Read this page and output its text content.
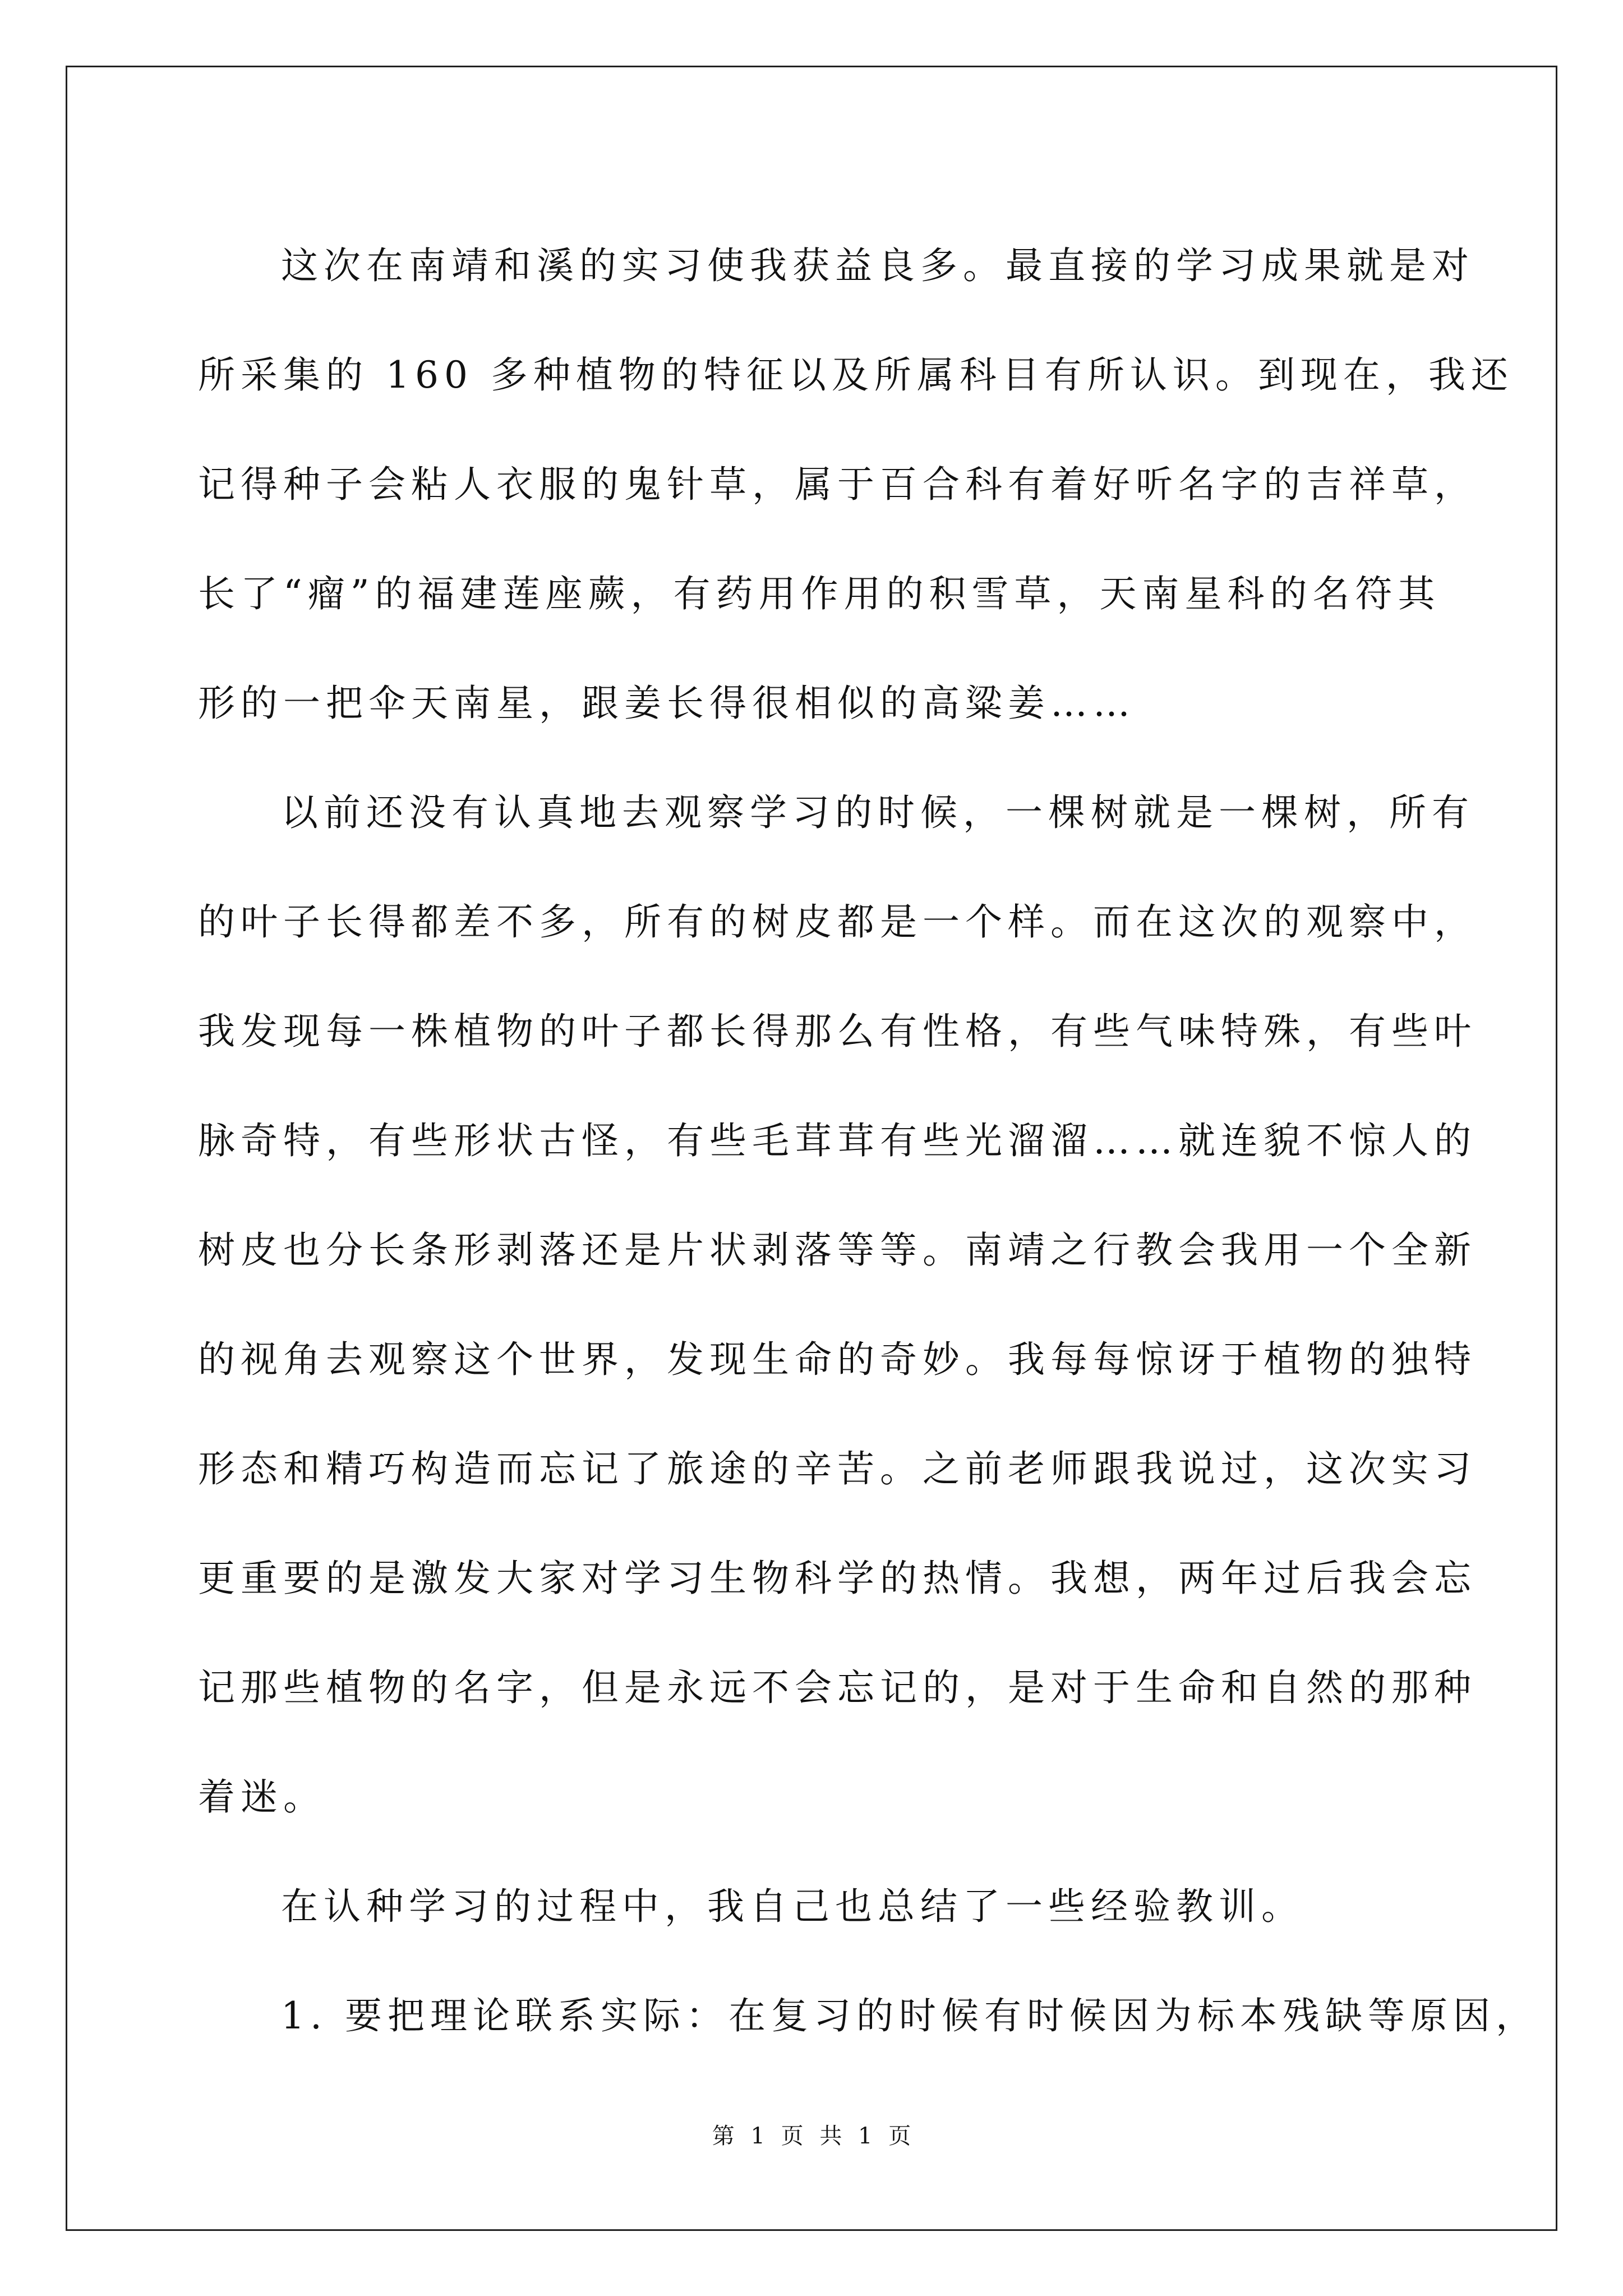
这次在南靖和溪的实习使我获益良多。最直接的学习成果就是对
所采集的 160 多种植物的特征以及所属科目有所认识。到现在，我还
记得种子会粘人衣服的鬼针草，属于百合科有着好听名字的吉祥草，
长了“瘤”的福建莲座蕨，有药用作用的积雪草，天南星科的名符其
形的一把伞天南星，跟姜长得很相似的高粱姜……
以前还没有认真地去观察学习的时候，一棵树就是一棵树，所有
的叶子长得都差不多，所有的树皮都是一个样。而在这次的观察中，
我发现每一株植物的叶子都长得那么有性格，有些气味特殊，有些叶
脉奇特，有些形状古怪，有些毛茸茸有些光溜溜……就连貌不惊人的
树皮也分长条形剥落还是片状剥落等等。南靖之行教会我用一个全新
的视角去观察这个世界，发现生命的奇妙。我每每惊讶于植物的独特
形态和精巧构造而忘记了旅途的辛苦。之前老师跟我说过，这次实习
更重要的是激发大家对学习生物科学的热情。我想，两年过后我会忘
记那些植物的名字，但是永远不会忘记的，是对于生命和自然的那种
着迷。
在认种学习的过程中，我自己也总结了一些经验教训。
1. 要把理论联系实际：在复习的时候有时候因为标本残缺等原因，
第 1 页 共 1 页
